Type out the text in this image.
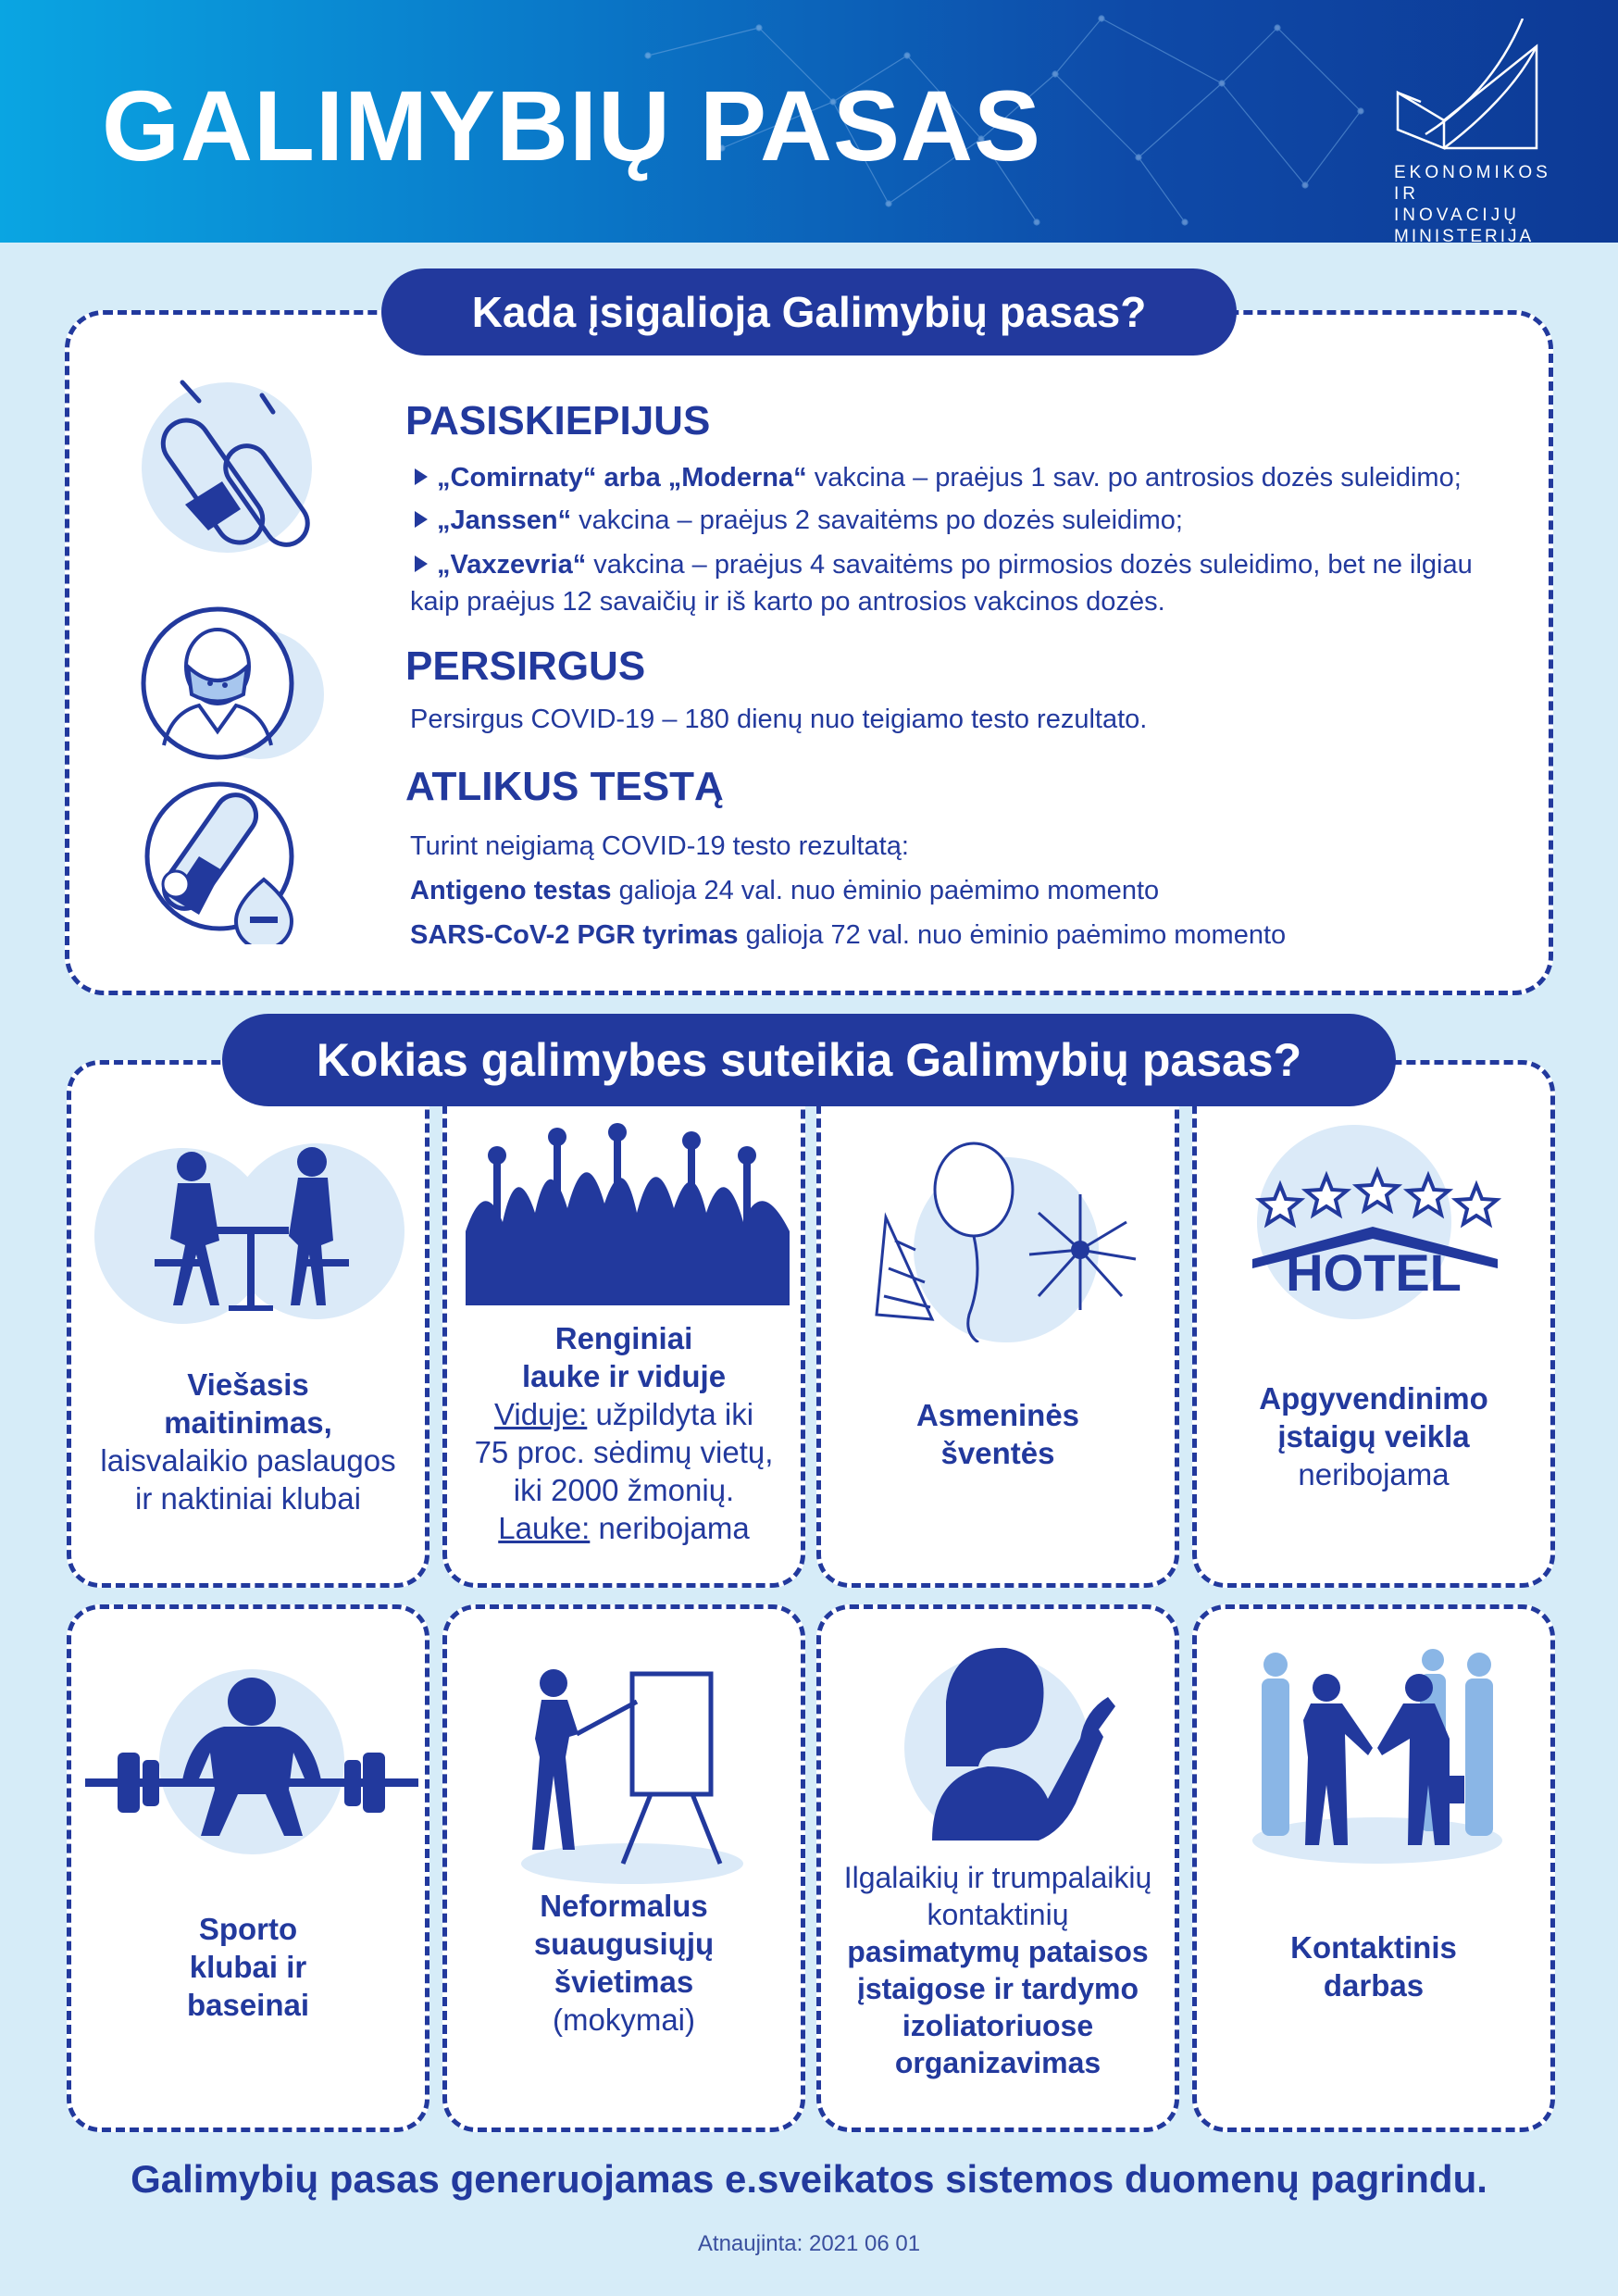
GALIMYBIŲ PASAS	EKONOMIKOS
IR INOVACIJŲ
MINISTERIJA
Kada įsigalioja Galimybių pasas?
PASISKIEPIJUS
„Comirnaty“ arba „Moderna“ vakcina – praėjus 1 sav. po antrosios dozės suleidimo;
„Janssen“ vakcina – praėjus 2 savaitėms po dozės suleidimo;
„Vaxzevria“ vakcina – praėjus 4 savaitėms po pirmosios dozės suleidimo, bet ne ilgiau
kaip praėjus 12 savaičių ir iš karto po antrosios vakcinos dozės.
PERSIRGUS
Persirgus COVID-19 – 180 dienų nuo teigiamo testo rezultato.
ATLIKUS TESTĄ
Turint neigiamą COVID-19 testo rezultatą:
Antigeno testas galioja 24 val. nuo ėminio paėmimo momento
SARS-CoV-2 PGR tyrimas galioja 72 val. nuo ėminio paėmimo momento
Viešasis
maitinimas,
laisvalaikio paslaugos
ir naktiniai klubai
Renginiai
lauke ir viduje
Viduje: užpildyta iki
75 proc. sėdimų vietų,
iki 2000 žmonių.
Lauke: neribojama
Asmeninės
šventės
HOTEL
Apgyvendinimo
įstaigų veikla
neribojama
Kokias galimybes suteikia Galimybių pasas?
Sporto
klubai ir
baseinai
Neformalus
suaugusiųjų
švietimas
(mokymai)
Ilgalaikių ir trumpalaikių
kontaktinių
pasimatymų pataisos
įstaigose ir tardymo
izoliatoriuose
organizavimas
Kontaktinis
darbas
Galimybių pasas generuojamas e.sveikatos sistemos duomenų pagrindu.
Atnaujinta: 2021 06 01
